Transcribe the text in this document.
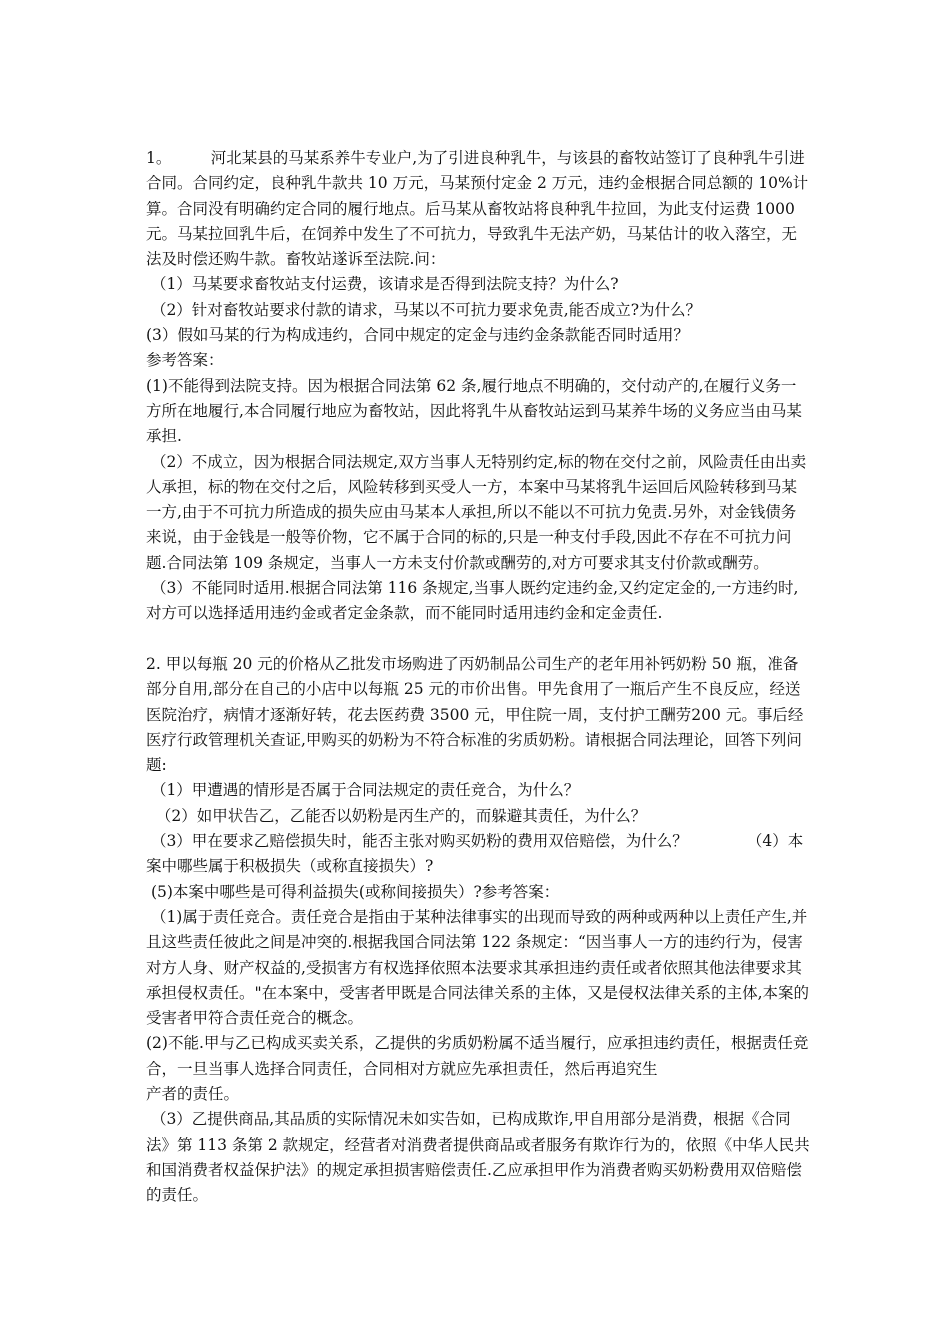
1。        河北某县的马某系养牛专业户,为了引进良种乳牛，与该县的畜牧站签订了良种乳牛引进合同。合同约定，良种乳牛款共 10 万元，马某预付定金 2 万元，违约金根据合同总额的 10%计算。合同没有明确约定合同的履行地点。后马某从畜牧站将良种乳牛拉回，为此支付运费 1000 元。马某拉回乳牛后，在饲养中发生了不可抗力，导致乳牛无法产奶，马某估计的收入落空，无法及时偿还购牛款。畜牧站遂诉至法院.问：

（1）马某要求畜牧站支付运费，该请求是否得到法院支持？为什么?

（2）针对畜牧站要求付款的请求，马某以不可抗力要求免责,能否成立?为什么？

(3）假如马某的行为构成违约，合同中规定的定金与违约金条款能否同时适用？

参考答案：

(1)不能得到法院支持。因为根据合同法第 62 条,履行地点不明确的，交付动产的,在履行义务一方所在地履行,本合同履行地应为畜牧站，因此将乳牛从畜牧站运到马某养牛场的义务应当由马某承担.

（2）不成立，因为根据合同法规定,双方当事人无特别约定,标的物在交付之前，风险责任由出卖人承担，标的物在交付之后，风险转移到买受人一方，本案中马某将乳牛运回后风险转移到马某一方,由于不可抗力所造成的损失应由马某本人承担,所以不能以不可抗力免责.另外，对金钱债务来说，由于金钱是一般等价物，它不属于合同的标的,只是一种支付手段,因此不存在不可抗力问题.合同法第 109 条规定，当事人一方未支付价款或酬劳的,对方可要求其支付价款或酬劳。

（3）不能同时适用.根据合同法第 116 条规定,当事人既约定违约金,又约定定金的,一方违约时,对方可以选择适用违约金或者定金条款，而不能同时适用违约金和定金责任.

2. 甲以每瓶 20 元的价格从乙批发市场购进了丙奶制品公司生产的老年用补钙奶粉 50 瓶，准备部分自用,部分在自己的小店中以每瓶 25 元的市价出售。甲先食用了一瓶后产生不良反应，经送医院治疗，病情才逐渐好转，花去医药费 3500 元，甲住院一周，支付护工酬劳200 元。事后经医疗行政管理机关查证,甲购买的奶粉为不符合标准的劣质奶粉。请根据合同法理论，回答下列问题:

（1）甲遭遇的情形是否属于合同法规定的责任竞合，为什么？

（2）如甲状告乙，乙能否以奶粉是丙生产的，而躲避其责任，为什么？

（3）甲在要求乙赔偿损失时，能否主张对购买奶粉的费用双倍赔偿，为什么？            （4）本案中哪些属于积极损失（或称直接损失）?

(5)本案中哪些是可得利益损失(或称间接损失）?参考答案：

（1)属于责任竞合。责任竞合是指由于某种法律事实的出现而导致的两种或两种以上责任产生,并且这些责任彼此之间是冲突的.根据我国合同法第 122 条规定：“因当事人一方的违约行为，侵害对方人身、财产权益的,受损害方有权选择依照本法要求其承担违约责任或者依照其他法律要求其承担侵权责任。"在本案中，受害者甲既是合同法律关系的主体，又是侵权法律关系的主体,本案的受害者甲符合责任竞合的概念。

(2)不能.甲与乙已构成买卖关系，乙提供的劣质奶粉属不适当履行，应承担违约责任，根据责任竞合，一旦当事人选择合同责任，合同相对方就应先承担责任，然后再追究生

产者的责任。

（3）乙提供商品,其品质的实际情况未如实告如，已构成欺诈,甲自用部分是消费，根据《合同法》第 113 条第 2 款规定，经营者对消费者提供商品或者服务有欺诈行为的，依照《中华人民共和国消费者权益保护法》的规定承担损害赔偿责任.乙应承担甲作为消费者购买奶粉费用双倍赔偿的责任。
